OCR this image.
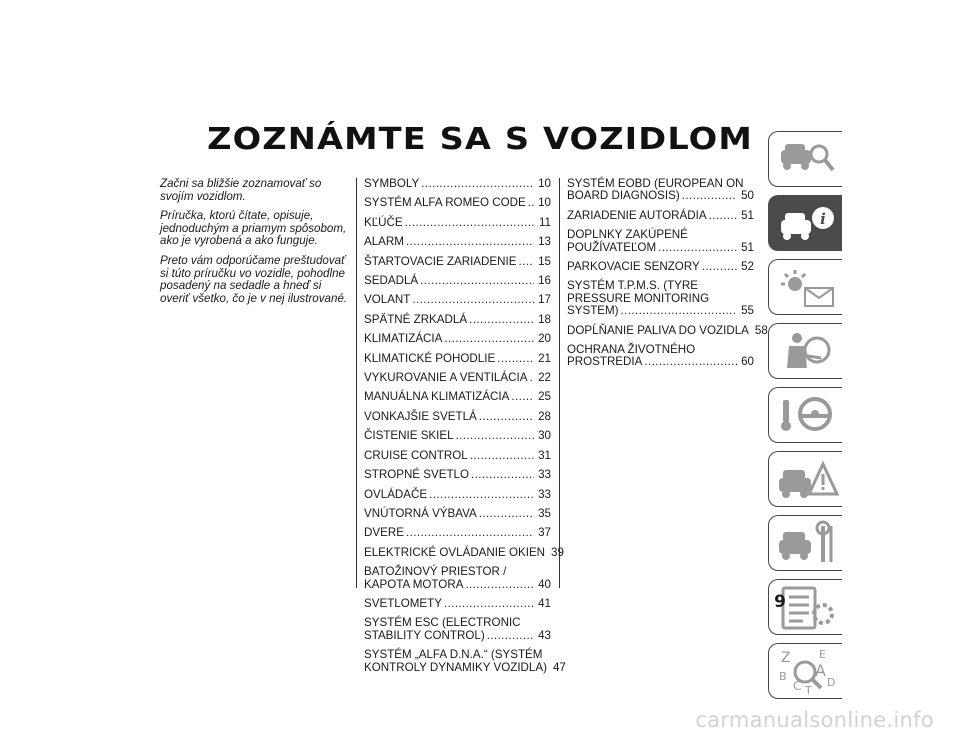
ZOZNÁMTE SA S VOZIDLOM

Začni sa bližšie zoznamovať so svojím vozidlom.

Príručka, ktorú čítate, opisuje, jednoduchým a priamym spôsobom, ako je vyrobená a ako funguje.

Preto vám odporúčame preštudovať si túto príručku vo vozidle, pohodlne posadený na sedadle a hneď si overiť všetko, čo je v nej ilustrované.

SYMBOLY .....	10
SYSTÉM ALFA ROMEO CODE ..... 10
KĽÚČE .....	11
ALARM .....	13
ŠTARTOVACIE ZARIADENIE ..... 15
SEDADLÁ .....	16
VOLANT .....	17
SPÄTNÉ ZRKADLÁ .....	18
KLIMATIZÁCIA .....	20
KLIMATICKÉ POHODLIE .....	21
VYKUROVANIE A VENTILÁCIA ..... 22
MANUÁLNA KLIMATIZÁCIA ..... 25
VONKAJŠIE SVETLÁ .....	28
ČISTENIE SKIEL .....	30
CRUISE CONTROL .....	31
STROPNÉ SVETLO .....	33
OVLÁDAČE .....	33
VNÚTORNÁ VÝBAVA .....	35
DVERE .....	37
ELEKTRICKÉ OVLÁDANIE OKIEN 39
BATOŽINOVÝ PRIESTOR /
KAPOTA MOTORA .....	40
SVETLOMETY .....	41
SYSTÉM ESC (ELECTRONIC
STABILITY CONTROL) .....	43
SYSTÉM „ALFA D.N.A.“ (SYSTÉM
KONTROLY DYNAMIKY VOZIDLA) 47
SYSTÉM EOBD (EUROPEAN ON
BOARD DIAGNOSIS) .....	50
ZARIADENIE AUTORÁDIA .....	51
DOPLNKY ZAKÚPENÉ
POUŽÍVATEĽOM .....	51
PARKOVACIE SENZORY .....	52
SYSTÉM T.P.M.S. (TYRE
PRESSURE MONITORING
SYSTEM) .....	55
DOPĹŇANIE PALIVA DO VOZIDLA 58
OCHRANA ŽIVOTNÉHO
PROSTREDIA .....	60
i
Z	E
A
B
C T
D
9
carmanualsonline.info
